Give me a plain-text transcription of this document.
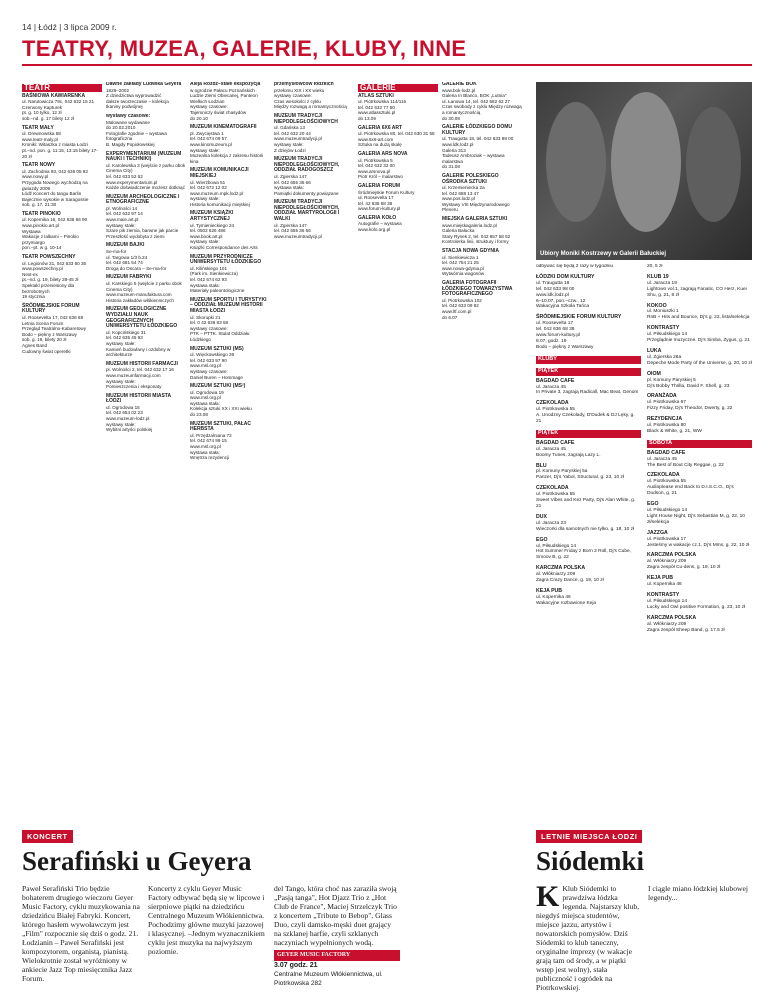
14 | Łódź | 3 lipca 2009 r.
TEATRY, MUZEA, GALERIE, KLUBY, INNE
TEATR
BAŚNIOWA KAWIARENKA
ul. Narutowicza 79c, 042 632 15 21
Czerwony Kapturek
pt. g. 10 tylko, 12 zł
sob.–nd. g. 17 bilety 12 zł
TEATR MAŁY
ul. Drewnowska 58
www.teatr-maly.pl
Kroniki: Witaszka z miasta Łodzi
pt.–nd. pon. g. 11:15, 13:15 bilety 17-20 zł
TEATR NOWY
ul. Zachodnia 93, 042 636 05 92
www.nowy.pl
Przygoda Nowego wychodzą na gwiazdy 2009
Łódź Koncert do tangu Barlin
Bajecznie wysokie w Saragossie
sob. g. 17, 21:30
TEATR PINOKIO
ul. Kopernika 16, 042 636 66 90
www.pinokio.art.pl
Wystawa
Wakacje z lalkami – Pinokio przymiargo
pon.–pt. w g. 10-14
TEATR POWSZECHNY
ul. Legionów 21, 042 633 60 36
www.powszechny.pl
Next-ex
pt.–nd. g. 19, bilety 28-45 zł
Spektakl przeniesiony dla bezrobotnych
19 stycznia
ŚRÓDMIEJSKIE FORUM KULTURY
ul. Roosevelta 17, 042 636 68
Letnia Scena Forum
Przegląd Teatralno-Kabaretowy
Bodo – piękny z Warszawy
sob. g. 19, bilety 20 zł
Agnes Band
Cudowny świat operetki
Dawne zakłady Ludwika Geyera
1828–2002
Z dziedzictwa wyprowadzić
dalsze tworzeczasie – kolekcja
tkaniny podwójnej
wystawy czasowe:
Malowane wydawane
do 20.02.2010
Fotografie zgodnie – wystawa fotograficzna
B. Magdy Popiołowskiej
EXPERYMENTARIUM (MUZEUM NAUKI I TECHNIKI)
ul. Karolewska 3 (wejście z parku obok Cinema City)
tel. 042 633 52 62
www.experymentarium.pl
Każde doświadczenie możesz dotknąć
MUZEUM ARCHEOLOGICZNE I ETNOGRAFICZNE
pl. Wolności 14
tel. 042 632 97 14
www.maie.art.pl
wystawy stałe:
Szare pik ziemia, barwne jak parcie
Przeszłość wydobyta z ziemi
MUZEUM BAJKI
Se-ma-for
ul. Targowa 1/3 b.24
tel. 042 681 54 74
Drogą do Oscara – Se-ma-for
MUZEUM FABRYKI
ul. Karskiego 5 (wejście z parku obok Cinema City)
www.muzeum-manufaktura.com
Historia zakładów włókienniczych
MUZEUM GEOLOGICZNE WYDZIAŁU NAUK GEOGRAFICZNYCH UNIWERSYTETU ŁÓDZKIEGO
ul. Kopcińskiego 31
tel. 042 635 45 93
wystawy stałe:
Kamień budowlany i ozdobny w architekturze
MUZEUM HISTORII FARMACJI
pl. Wolności 2, tel. 042 632 17 16
www.muzeumfarmacji.com
wystawy stałe:
Pomieszczenia i eksponaty
MUZEUM HISTORII MIASTA ŁODZI
ul. Ogrodowa 15
tel. 042 654 02 23
www.muzeum-lodz.pl
wystawy stałe:
Wybitni artyści polskiej
Aleja Rozdz–stałe ekspozycja
w ogrodzie Pałacu Poznańskich
Ludzie Ziemi Obiecanej, Panteon Wielkich Łodzian
wystawy czasowe:
Tajemniczy świat chasydów
do 20.10
MUZEUM KINEMATOGRAFII
pl. Zwycięstwa 1
tel. 042 674 09 57
www.kinomuzeum.pl
wystawy stałe:
Muzealna kolekcja z zakresu historii kina
MUZEUM KOMUNIKACJI MIEJSKIEJ
ul. Wierzbowa 51
tel. 042 672 12 02
www.muzeum.mpk.lodz.pl
wystawy stałe:
Historia komunikacji miejskiej
MUZEUM KSIĄŻKI ARTYSTYCZNEJ
ul. Tymienieckiego 24
tel. 0502 626 486
www.book.art.pl
wystawy stałe:
Książki Correspondance des Arts
MUZEUM PRZYRODNICZE UNIWERSYTETU ŁÓDZKIEGO
ul. Kilińskiego 101
(Park im. Sienkiewicza)
tel. 042 674 62 93
wystawa stała:
Materiały paleontologiczne
MUZEUM SPORTU I TURYSTYKI – ODDZIAŁ MUZEUM HISTORII MIASTA ŁODZI
ul. Skorupki 21
tel. 0 42 636 83 58
wystawy czasowe:
PTK – PTTK. Stulat Oddziału Łódzkiego
MUZEUM SZTUKI (MS)
ul. Więckowskiego 36
tel. 042 633 97 90
www.msl.org.pl
wystawy czasowe:
Daniel Buren – Hommage
MUZEUM SZTUKI (MS²)
ul. Ogrodowa 19
www.msl.org.pl
wystawa stała:
Kolekcja sztuki XX i XXI wieku
do 23.08
MUZEUM SZTUKI, PAŁAC HERBSTA
ul. Przędzalniana 72
tel. 042 674 99 15
www.msl.org.pl
wystawa stała:
Wnętrza rezydencji
przemysłowców łódzkich
przełomu XIX i XX wieku
wystawy czasowe:
Czas wesołości z cyklu
Między rozwagą a romantycznością
MUZEUM TRADYCJI NIEPODLEGŁOŚCIOWYCH
ul. Gdańska 13
tel. 042 632 20 44
www.muzeumtradycji.pl
wystawy stałe:
Z dziejów Łodzi
MUZEUM TRADYCJI NIEPODLEGŁOŚCIOWYCH, ODDZIAŁ RADOGOSZCZ
ul. Zgierska 147
tel. 042 655 36 66
wystawa stała:
Pamiątki dokumenty powiązane
MUZEUM TRADYCJI NIEPODLEGŁOŚCIOWYCH, ODDZIAŁ MARTYROLOGII I WALKI
ul. Zgierska 147
tel. 042 655 36 66
www.muzeumtradycji.pl
GALERIE
ATLAS SZTUKI
ul. Piotrkowska 114/116
tel. 042 632 77 50
www.atlassztuki.pl
do 13.09
GALERIA 6X6 ART
ul. Piotrkowska 80, tel. 042 630 31 58
www.6x6-art.com
Sztuka na dużą skalę
GALERIA ARS NOVA
ul. Piotrkowska 5
tel. 042 632 32 00
www.arsnova.pl
Piotr Król – malarstwo
GALERIA FORUM
Śródmiejskie Forum Kultury
ul. Roosevelta 17
tel. 42 636 68 38
www.forum-kultury.pl
GALERIA KOŁO
Autografie – wystawa
www.kolo.org.pl
GALERIE BOK
www.bok-lodz.pl
Galeria In Blanco, BOK „Lutnia"
ul. Łanowa 14, tel. 042 682 62 27
Czas swobody z cyklu Między rozwagą a romantycznością
do 30.08
GALERIE ŁÓDZKIEGO DOMU KULTURY
ul. Traugutta 18, tel. 042 633 98 00
www.ldk.lodz.pl
Galeria 313
Tadeusz Ambroziak – wystawa malarstwa
do 31.08
GALERIE POLESKIEGO OŚRODKA SZTUKI
ul. Krzemieniecka 2a
tel. 042 688 13 47
www.pos.lodz.pl
Wystawy VIII Międzynarodowego Pleneru
MIEJSKA GALERIA SZTUKI
www.miejskagaleria.lodz.pl
Galeria Bałucka
Stary Rynek 2, tel. 042 657 58 52
Kontrolerka linii, struktury i formy
STACJA NOWA GDYNIA
ul. Sienkiewicza 1
tel. 042 754 21 25
www.nowa-gdynia.pl
Wytwórnia wagonów
GALERIA FOTOGRAFII ŁÓDZKIEGO TOWARZYSTWA FOTOGRAFICZNEGO
ul. Piotrkowska 102
tel. 042 633 09 82
www.ltf.com.pl
do 6.07
Ubiory Moniki Kostrzewy w Galerii Bałuckiej
odbywać się będą 2 razy w tygodniu
ŁÓDZKI DOM KULTURY
ul. Traugutta 18
tel. 042 633 98 00
www.ldk.lodz.pl
6–10.07, pon.–czw., 12
Wakacyjna Szkoła Tańca
ŚRÓDMIEJSKIE FORUM KULTURY
ul. Roosevelta 17
tel. 042 636 68 38
www.forum-kultury.pl
8.07, godz. 19
Bodo – piękny z Warszawy
KLUBY
PIĄTEK
BAGDAD CAFE
ul. Jaracza 45
In Private 3, zagrają Radicall, Mac Beat, Genom
CZEKOLADA
ul. Piotrkowska 55
A. Unodzny Czekolady, D'Dudek & DJ Lęky, g. 21
PIĄTEK
BAGDAD CAFE
ul. Jaracza 45
Boomy Tunes, zagrają Lazy L.
BLU
pl. Komuny Paryskiej 5a
Panzer, Dj's Yabol, Structural, g. 23, 10 zł
CZEKOLADA
ul. Piotrkowska 55
Sweet Vibes and Kez Party, Dj's Alan White, g. 21
DUX
ul. Jaracza 23
Wieczorki dla samotnych nie tylko, g. 18, 10 zł
EGO
ul. Piłsudskiego 14
Hot Summer Friday z Born 2 Roll, Dj's Cube, Smoov B, g. 22
KARCZMA POLSKA
al. Włókniarzy 209
Zagra Crazy Dance, g. 19, 10 zł
KEJA PUB
ul. Kopernika 46
Wakacyjne rozbawione Keja
20, 5 zł
KLUB 19
ul. Jaracza 19
Lightowo vol.1, zagrają Fanatic, CO Herz, Kuei Shu, g. 21, 8 zł
KOKOO
ul. Moniuszki 1
RnB + Hits and Bounce, Dj's g. 22, lista/selekcja
KONTRASTY
ul. Piłsudskiego 14
Przeglądnie muzyczne. Dj's Simba, Zygus, g. 21
LUKA
ul. Zgierska 26a
Depeche Mode Party of the Universe, g. 20, 10 zł
OIOM
pl. Komuny Paryskiej 5
Dj's Bobby Thrilla, David F. Shell, g. 23
ORANŻADA
ul. Piotrkowska 67
Fizzy Friday, Dj's Theodor, Dwerty, g. 22
REZYDENCJA
ul. Piotrkowska 80
Black & White, g. 21, WW
SOBOTA
BAGDAD CAFE
ul. Jaracza 45
The Best of Bout City Reggae, g. 22
CZEKOLADA
ul. Piotrkowska 55
Audioplease end Back to D.I.S.C.O., Dj's Dudson, g. 21
EGO
ul. Piłsudskiego 14
Light House Night, Dj's Sebastian M, g. 22, 10 zł/selekcja
JAZZGA
ul. Piotrkowska 17
Jesteśmy w wakacje cz.1, Dj's Mms, g. 22, 10 zł
KARCZMA POLSKA
al. Włókniarzy 209
Zagra zespół Cu-dens, g. 19, 10 zł
KEJA PUB
ul. Kopernika 46
KONTRASTY
ul. Piłsudskiego 14
Lucky and Owl positive Formation, g. 23, 10 zł
KARCZMA POLSKA
al. Włókniarzy 209
Zagra zespół Sheep Band, g. 17.5 zł
KONCERT
Serafiński u Geyera
Paweł Serafiński Trio będzie bohaterem drugiego wieczoru Geyer Music Factory, cyklu muzykowania na dziedzińcu Białej Fabryki. Koncert, którego hasłem wywoławczym jest „Film" rozpocznie się dziś o godz. 21. Łodzianin – Paweł Serafiński jest kompozytorem, organistą, pianistą. Wielokrotnie został wyróżniony w ankiecie Jazz Top miesięcznika Jazz Forum.
Koncerty z cyklu Geyer Music Factory odbywać będą się w lipcowe i sierpniowe piątki na dziedzińcu Centralnego Muzeum Włókiennictwa. Pochodzimy główne muzyki jazzowej i klasycznej. –Jednym wyznacznikiem cyklu jest muzyka na najwyższym poziomie.
del Tango, która choć nas zaraziła swoją „Pasją tanga", Hot Djazz Trio z „Hot Club de France", Maciej Strzelczyk Trio z koncertem „Tribute to Bebop", Glass Duo, czyli damsko-męski duet grający na szklanej harfie, czyli szklanych naczyniach wypełnionych wodą.
GEYER MUSIC FACTORY
3.07 godz. 21
Centralne Muzeum Włókiennictwa, ul. Piotrkowska 282
LETNIE MIEJSCA ŁODZI
Siódemki
K Klub Siódemki to prawdziwa łódzka legenda. Najstarszy klub, niegdyś miejsca studentów, miejsce jazzu, artystów i nowatorskich pomysłów. Dziś Siódemki to klub taneczny, oryginalne imprezy (w wakacje grają tam od środy, a w piątki wstęp jest wolny), stała publiczność i ogródek na Piotrkowskiej.
I ciągle miano łódzkiej klubowej legendy...
